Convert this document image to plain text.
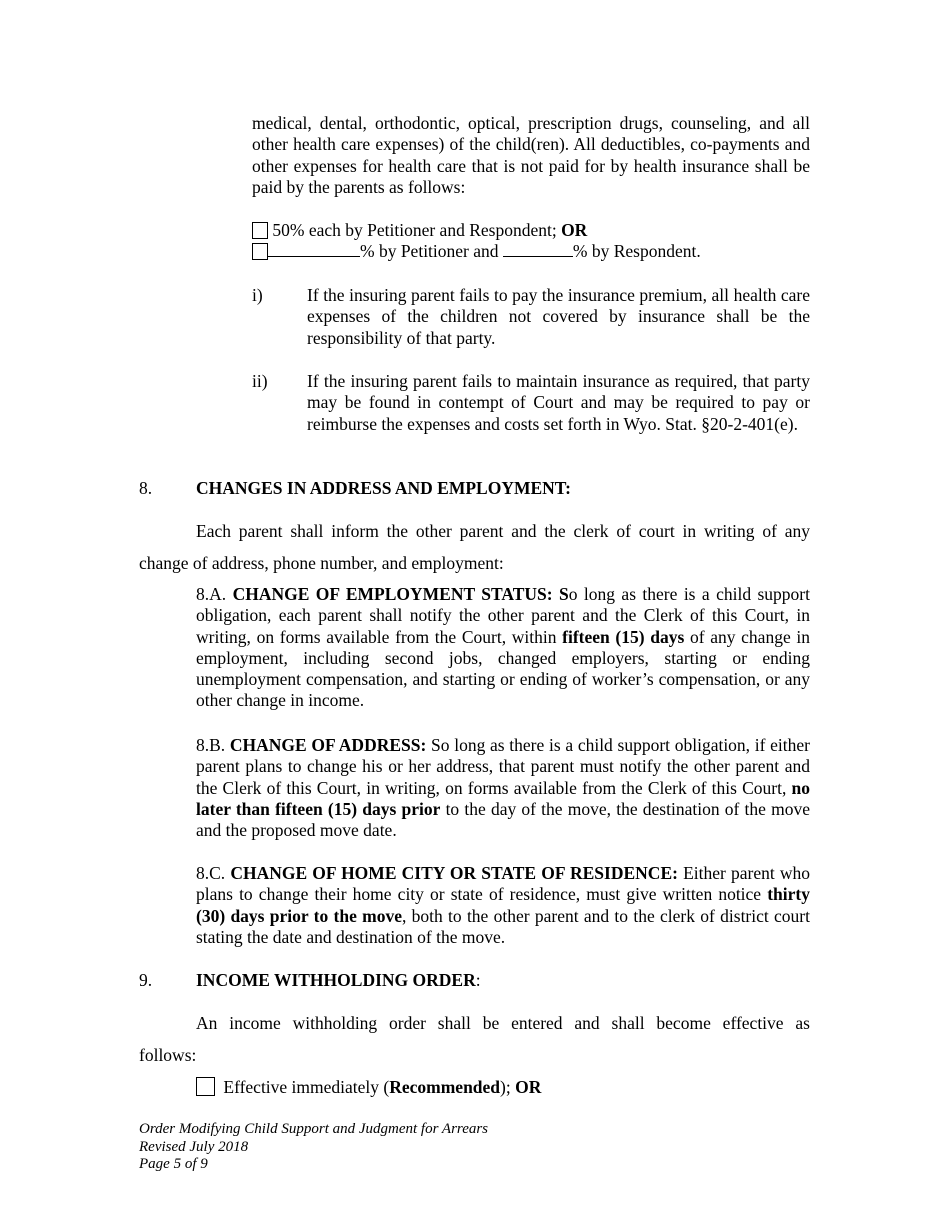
medical, dental, orthodontic, optical, prescription drugs, counseling, and all other health care expenses) of the child(ren). All deductibles, co-payments and other expenses for health care that is not paid for by health insurance shall be paid by the parents as follows:
50% each by Petitioner and Respondent; OR
% by Petitioner and	% by Respondent.
i)	If the insuring parent fails to pay the insurance premium, all health care expenses of the children not covered by insurance shall be the responsibility of that party.
ii) If the insuring parent fails to maintain insurance as required, that party may be found in contempt of Court and may be required to pay or reimburse the expenses and costs set forth in Wyo. Stat. §20-2-401(e).
8.	CHANGES IN ADDRESS AND EMPLOYMENT:
Each parent shall inform the other parent and the clerk of court in writing of any
change of address, phone number, and employment:
8.A. CHANGE OF EMPLOYMENT STATUS: So long as there is a child support obligation, each parent shall notify the other parent and the Clerk of this Court, in writing, on forms available from the Court, within fifteen (15) days of any change in employment, including second jobs, changed employers, starting or ending unemployment compensation, and starting or ending of worker’s compensation, or any other change in income.
8.B. CHANGE OF ADDRESS: So long as there is a child support obligation, if either parent plans to change his or her address, that parent must notify the other parent and the Clerk of this Court, in writing, on forms available from the Clerk of this Court, no later than fifteen (15) days prior to the day of the move, the destination of the move and the proposed move date.
8.C. CHANGE OF HOME CITY OR STATE OF RESIDENCE: Either parent who plans to change their home city or state of residence, must give written notice thirty (30) days prior to the move, both to the other parent and to the clerk of district court stating the date and destination of the move.
9.	INCOME WITHHOLDING ORDER:
An income withholding order shall be entered and shall become effective as
follows:
Effective immediately (Recommended); OR
Order Modifying Child Support and Judgment for Arrears
Revised July 2018
Page 5 of 9
